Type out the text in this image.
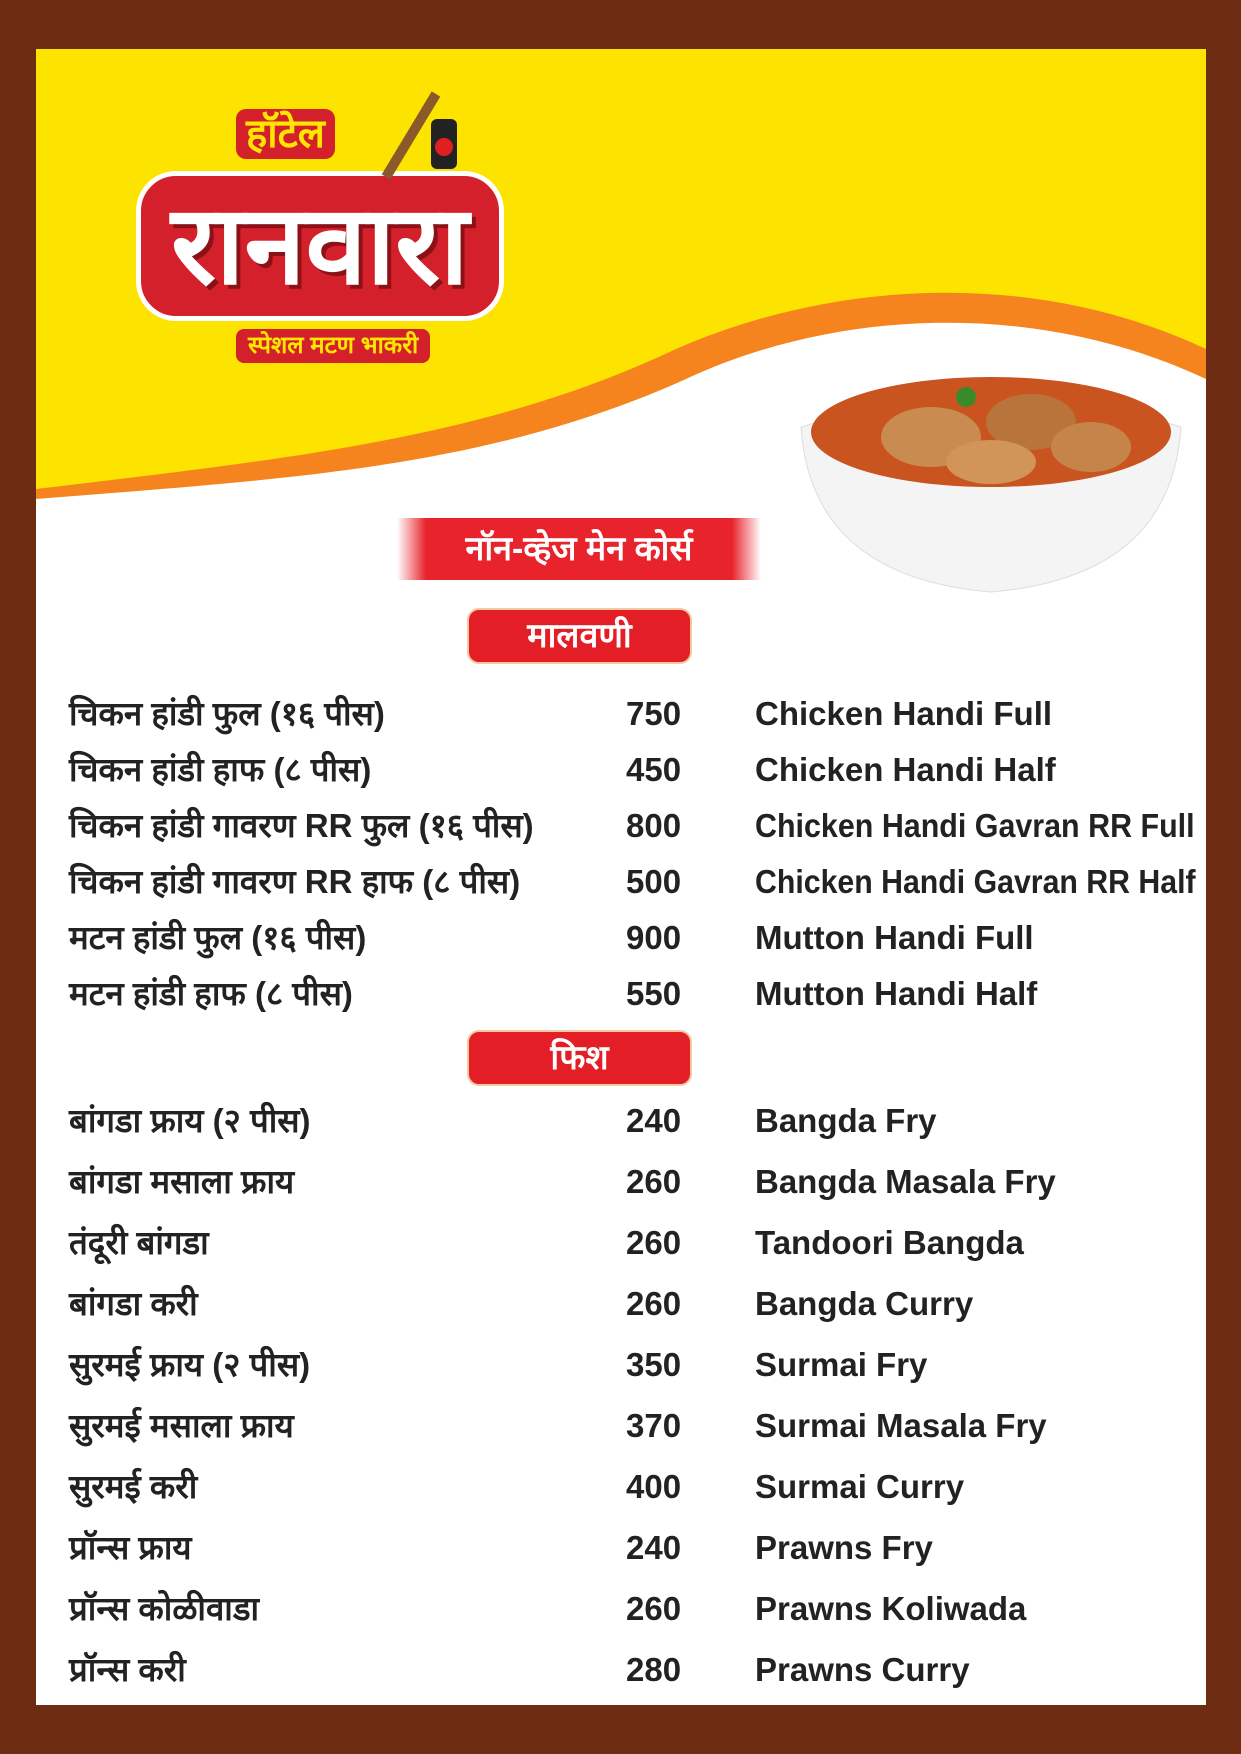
रानवारा
हॉटेल
स्पेशल मटण भाकरी
नॉन-व्हेज मेन कोर्स
मालवणी
फिश
चिकन हांडी फुल (१६ पीस)	750 Chicken Handi Full
चिकन हांडी हाफ (८ पीस)	450 Chicken Handi Half
चिकन हांडी गावरण RR फुल (१६ पीस)	800 Chicken Handi Gavran RR Full
चिकन हांडी गावरण RR हाफ (८ पीस)	500 Chicken Handi Gavran RR Half
मटन हांडी फुल (१६ पीस)	900 Mutton Handi Full
मटन हांडी हाफ (८ पीस)	550 Mutton Handi Half
बांगडा फ्राय (२ पीस)	240 Bangda Fry
बांगडा मसाला फ्राय	260 Bangda Masala Fry
तंदूरी बांगडा	260 Tandoori Bangda
बांगडा करी	260 Bangda Curry
सुरमई फ्राय (२ पीस)	350 Surmai Fry
सुरमई मसाला फ्राय	370 Surmai Masala Fry
सुरमई करी	400 Surmai Curry
प्रॉन्स फ्राय	240 Prawns Fry
प्रॉन्स कोळीवाडा	260 Prawns Koliwada
प्रॉन्स करी	280 Prawns Curry
